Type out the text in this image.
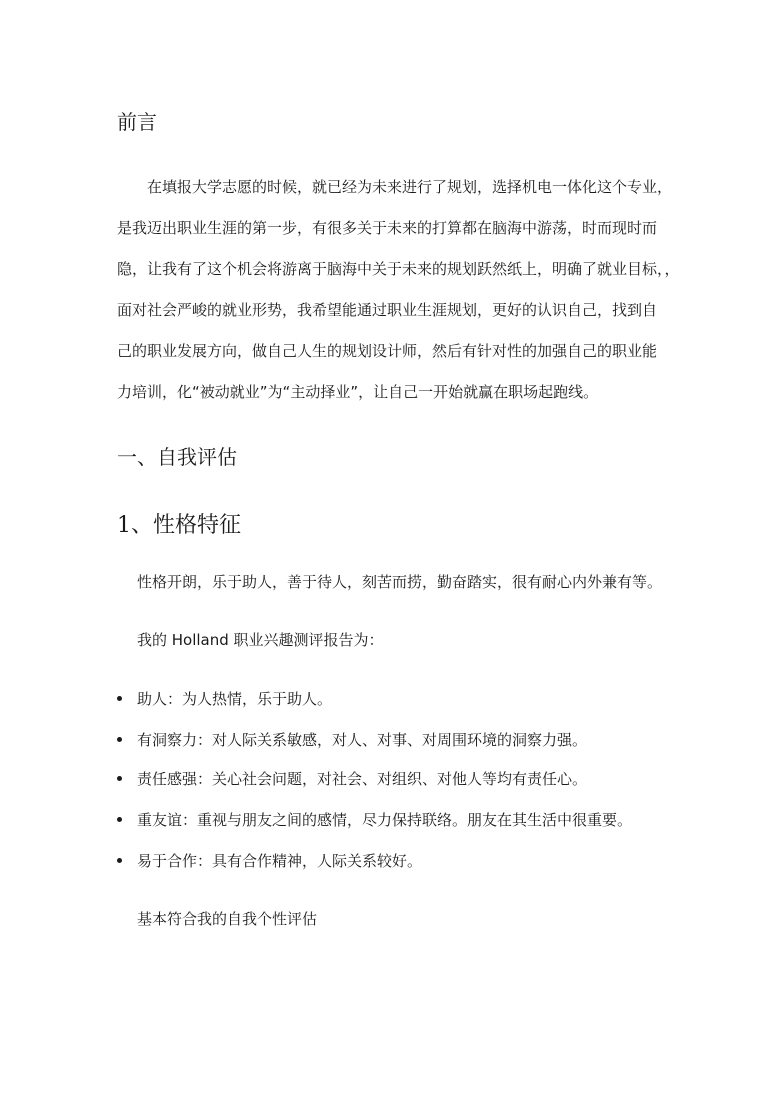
前言
在填报大学志愿的时候，就已经为未来进行了规划，选择机电一体化这个专业，
是我迈出职业生涯的第一步，有很多关于未来的打算都在脑海中游荡，时而现时而
隐，让我有了这个机会将游离于脑海中关于未来的规划跃然纸上，明确了就业目标，，
面对社会严峻的就业形势，我希望能通过职业生涯规划，更好的认识自己，找到自
己的职业发展方向，做自己人生的规划设计师，然后有针对性的加强自己的职业能
力培训，化“被动就业”为“主动择业”，让自己一开始就赢在职场起跑线。
一、自我评估
1、性格特征
性格开朗，乐于助人，善于待人，刻苦而捞，勤奋踏实，很有耐心内外兼有等。
我的 Holland 职业兴趣测评报告为：
助人：为人热情，乐于助人。
有洞察力：对人际关系敏感，对人、对事、对周围环境的洞察力强。
责任感强：关心社会问题，对社会、对组织、对他人等均有责任心。
重友谊：重视与朋友之间的感情，尽力保持联络。朋友在其生活中很重要。
易于合作：具有合作精神，人际关系较好。
基本符合我的自我个性评估
